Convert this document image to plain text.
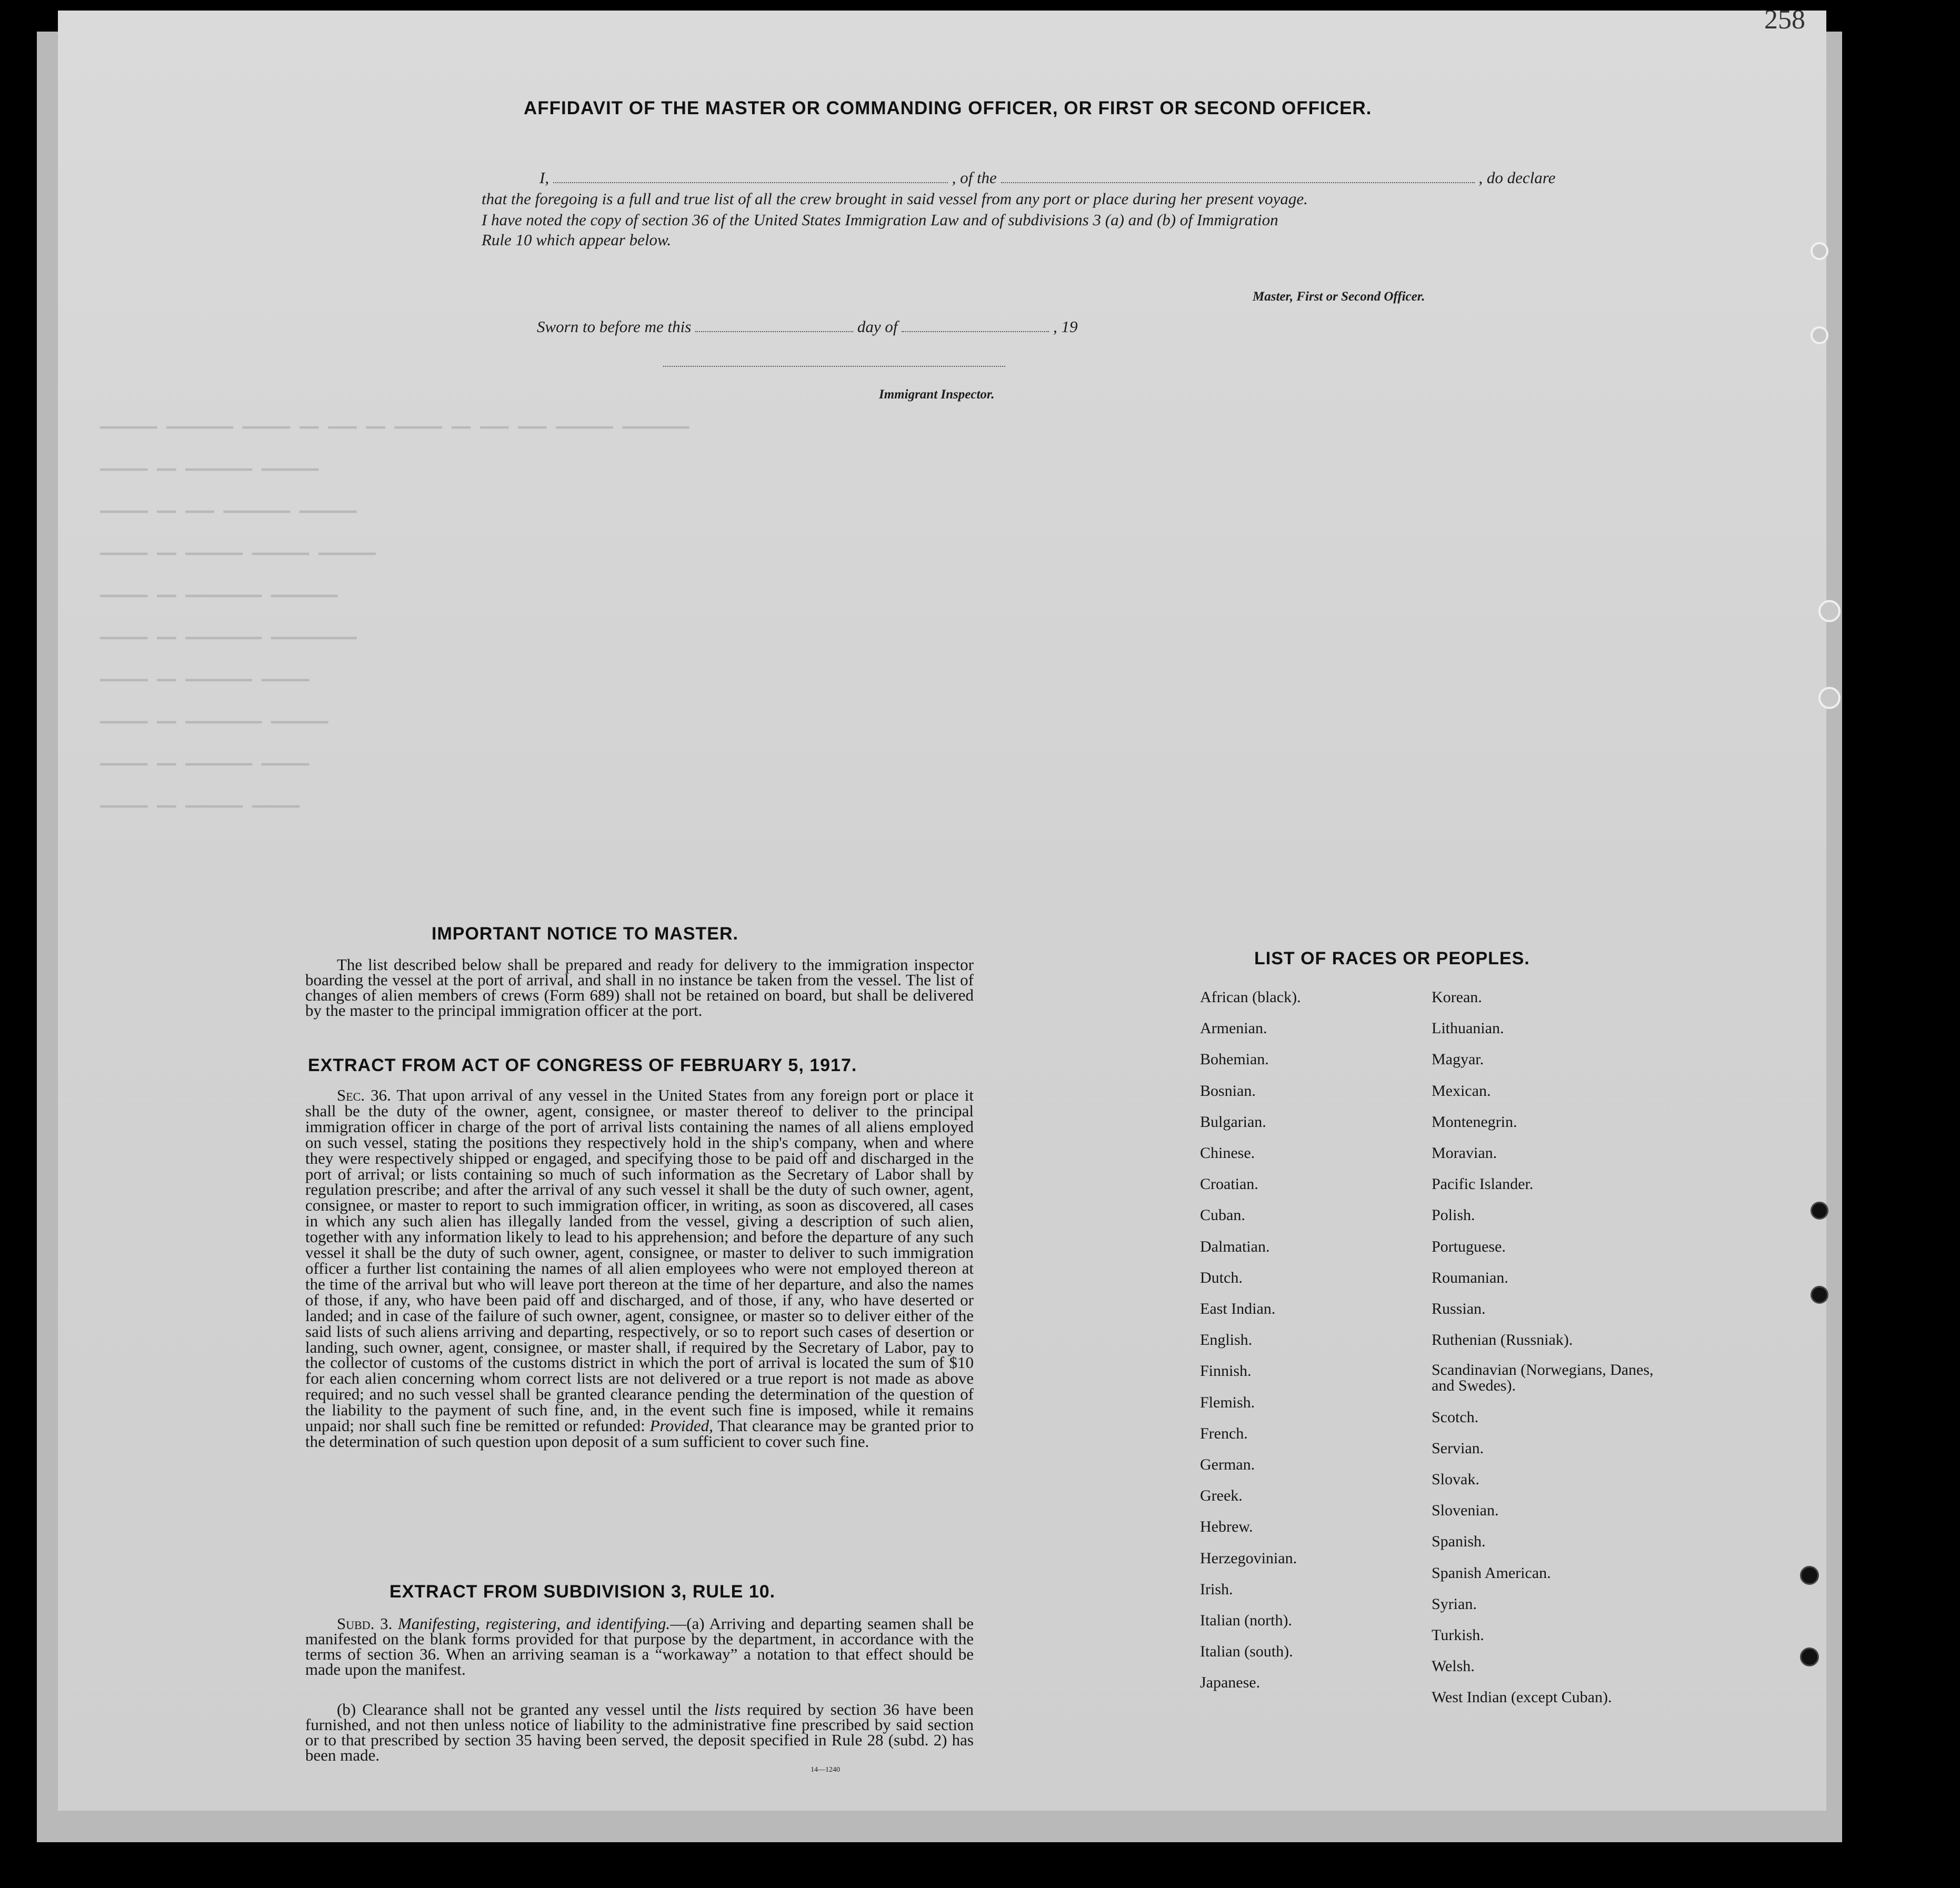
258
▁▁▁▁▁▁ ▁▁▁▁▁▁▁ ▁▁▁▁▁ ▁▁ ▁▁▁ ▁▁ ▁▁▁▁▁ ▁▁ ▁▁▁ ▁▁▁ ▁▁▁▁▁▁ ▁▁▁▁▁▁▁
▁▁▁▁▁ ▁▁ ▁▁▁▁▁▁▁ ▁▁▁▁▁▁
▁▁▁▁▁ ▁▁ ▁▁▁ ▁▁▁▁▁▁▁ ▁▁▁▁▁▁
▁▁▁▁▁ ▁▁ ▁▁▁▁▁▁ ▁▁▁▁▁▁ ▁▁▁▁▁▁
▁▁▁▁▁ ▁▁ ▁▁▁▁▁▁▁▁ ▁▁▁▁▁▁▁
▁▁▁▁▁ ▁▁ ▁▁▁▁▁▁▁▁ ▁▁▁▁▁▁▁▁▁
▁▁▁▁▁ ▁▁ ▁▁▁▁▁▁▁ ▁▁▁▁▁
▁▁▁▁▁ ▁▁ ▁▁▁▁▁▁▁▁ ▁▁▁▁▁▁
▁▁▁▁▁ ▁▁ ▁▁▁▁▁▁▁ ▁▁▁▁▁
▁▁▁▁▁ ▁▁ ▁▁▁▁▁▁ ▁▁▁▁▁
AFFIDAVIT OF THE MASTER OR COMMANDING OFFICER, OR FIRST OR SECOND OFFICER.
I,	, of the	, do declare
that the foregoing is a full and true list of all the crew brought in said vessel from any port or place during her present voyage.
I have noted the copy of section 36 of the United States Immigration Law and of subdivisions 3 (a) and (b) of Immigration
Rule 10 which appear below.
Master, First or Second Officer.
Sworn to before me this	day of	, 19
Immigrant Inspector.
IMPORTANT NOTICE TO MASTER.
The list described below shall be prepared and ready for delivery to the immigration inspector boarding the vessel at the port of arrival, and shall in no instance be taken from the vessel. The list of changes of alien members of crews (Form 689) shall not be retained on board, but shall be delivered by the master to the principal immigration officer at the port.
EXTRACT FROM ACT OF CONGRESS OF FEBRUARY 5, 1917.
Sec. 36. That upon arrival of any vessel in the United States from any foreign port or place it shall be the duty of the owner, agent, consignee, or master thereof to deliver to the principal immigration officer in charge of the port of arrival lists containing the names of all aliens employed on such vessel, stating the positions they respectively hold in the ship's company, when and where they were respectively shipped or engaged, and specifying those to be paid off and discharged in the port of arrival; or lists containing so much of such information as the Secretary of Labor shall by regulation prescribe; and after the arrival of any such vessel it shall be the duty of such owner, agent, consignee, or master to report to such immigration officer, in writing, as soon as discovered, all cases in which any such alien has illegally landed from the vessel, giving a description of such alien, together with any information likely to lead to his apprehension; and before the departure of any such vessel it shall be the duty of such owner, agent, consignee, or master to deliver to such immigration officer a further list containing the names of all alien employees who were not employed thereon at the time of the arrival but who will leave port thereon at the time of her departure, and also the names of those, if any, who have been paid off and discharged, and of those, if any, who have deserted or landed; and in case of the failure of such owner, agent, consignee, or master so to deliver either of the said lists of such aliens arriving and departing, respectively, or so to report such cases of desertion or landing, such owner, agent, consignee, or master shall, if required by the Secretary of Labor, pay to the collector of customs of the customs district in which the port of arrival is located the sum of $10 for each alien concerning whom correct lists are not delivered or a true report is not made as above required; and no such vessel shall be granted clearance pending the determination of the question of the liability to the payment of such fine, and, in the event such fine is imposed, while it remains unpaid; nor shall such fine be remitted or refunded: Provided, That clearance may be granted prior to the determination of such question upon deposit of a sum sufficient to cover such fine.
EXTRACT FROM SUBDIVISION 3, RULE 10.
Subd. 3. Manifesting, registering, and identifying.—(a) Arriving and departing seamen shall be manifested on the blank forms provided for that purpose by the department, in accordance with the terms of section 36. When an arriving seaman is a “workaway” a notation to that effect should be made upon the manifest.
(b) Clearance shall not be granted any vessel until the lists required by section 36 have been furnished, and not then unless notice of liability to the administrative fine prescribed by said section or to that prescribed by section 35 having been served, the deposit specified in Rule 28 (subd. 2) has been made.
14—1240
LIST OF RACES OR PEOPLES.
African (black).
Armenian.
Bohemian.
Bosnian.
Bulgarian.
Chinese.
Croatian.
Cuban.
Dalmatian.
Dutch.
East Indian.
English.
Finnish.
Flemish.
French.
German.
Greek.
Hebrew.
Herzegovinian.
Irish.
Italian (north).
Italian (south).
Japanese.
Korean.
Lithuanian.
Magyar.
Mexican.
Montenegrin.
Moravian.
Pacific Islander.
Polish.
Portuguese.
Roumanian.
Russian.
Ruthenian (Russniak).
Scandinavian (Norwegians, Danes, and Swedes).
Scotch.
Servian.
Slovak.
Slovenian.
Spanish.
Spanish American.
Syrian.
Turkish.
Welsh.
West Indian (except Cuban).
